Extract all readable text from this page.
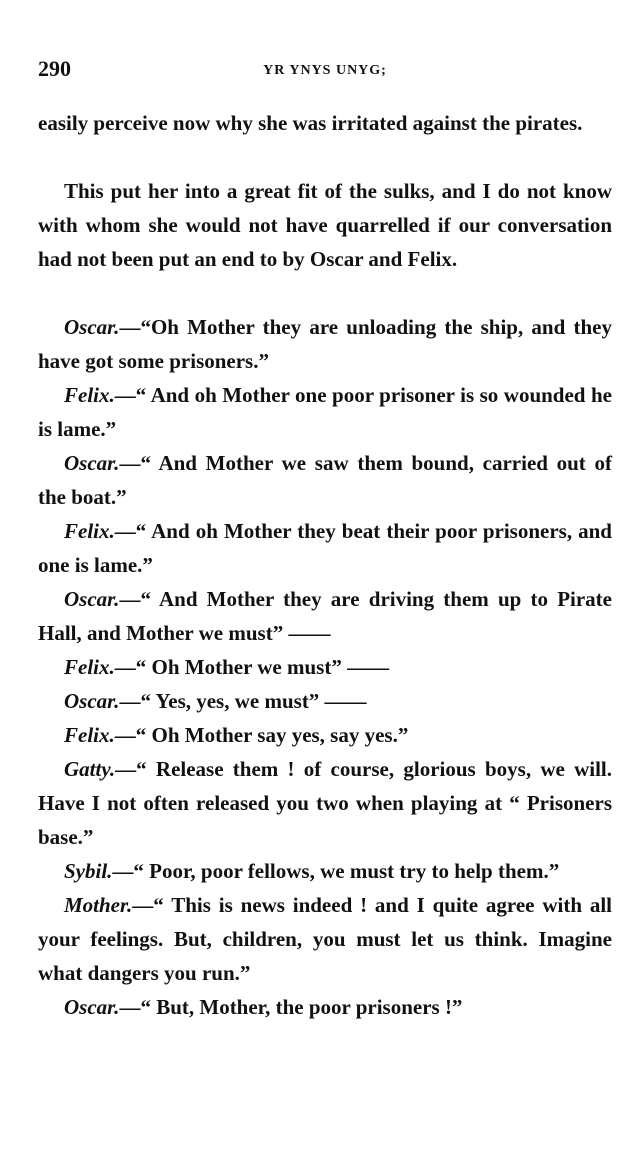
290	YR YNYS UNYG;

easily perceive now why she was irritated against the pirates.

This put her into a great fit of the sulks, and I do not know with whom she would not have quarrelled if our conversation had not been put an end to by Oscar and Felix.

Oscar.—“Oh Mother they are unloading the ship, and they have got some prisoners.”

Felix.—“ And oh Mother one poor prisoner is so wounded he is lame.”

Oscar.—“ And Mother we saw them bound, carried out of the boat.”

Felix.—“ And oh Mother they beat their poor prisoners, and one is lame.”

Oscar.—“ And Mother they are driving them up to Pirate Hall, and Mother we must” ——

Felix.—“ Oh Mother we must” ——

Oscar.—“ Yes, yes, we must” ——

Felix.—“ Oh Mother say yes, say yes.”

Gatty.—“ Release them ! of course, glorious boys, we will. Have I not often released you two when playing at “ Prisoners base.”

Sybil.—“ Poor, poor fellows, we must try to help them.”

Mother.—“ This is news indeed ! and I quite agree with all your feelings. But, children, you must let us think. Imagine what dangers you run.”

Oscar.—“ But, Mother, the poor prisoners !”
